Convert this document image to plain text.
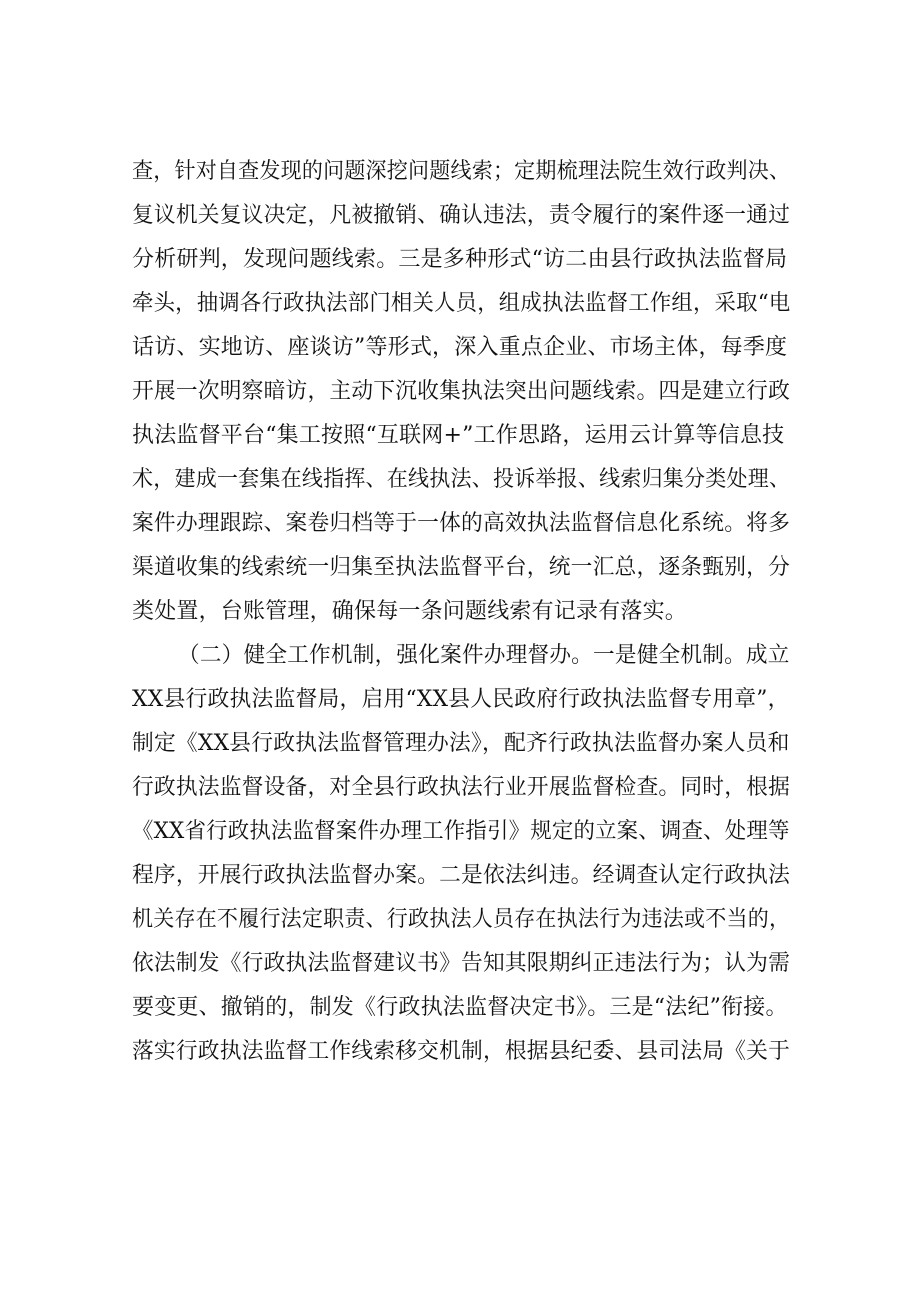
查，针对自查发现的问题深挖问题线索；定期梳理法院生效行政判决、
复议机关复议决定，凡被撤销、确认违法，责令履行的案件逐一通过
分析研判，发现问题线索。三是多种形式“访二由县行政执法监督局
牵头，抽调各行政执法部门相关人员，组成执法监督工作组，采取“电
话访、实地访、座谈访”等形式，深入重点企业、市场主体，每季度
开展一次明察暗访，主动下沉收集执法突出问题线索。四是建立行政
执法监督平台“集工按照“互联网+”工作思路，运用云计算等信息技
术，建成一套集在线指挥、在线执法、投诉举报、线索归集分类处理、
案件办理跟踪、案卷归档等于一体的高效执法监督信息化系统。将多
渠道收集的线索统一归集至执法监督平台，统一汇总，逐条甄别，分
类处置，台账管理，确保每一条问题线索有记录有落实。
（二）健全工作机制，强化案件办理督办。一是健全机制。成立
XX县行政执法监督局，启用“XX县人民政府行政执法监督专用章”，
制定《XX县行政执法监督管理办法》，配齐行政执法监督办案人员和
行政执法监督设备，对全县行政执法行业开展监督检查。同时，根据
《XX省行政执法监督案件办理工作指引》规定的立案、调查、处理等
程序，开展行政执法监督办案。二是依法纠违。经调查认定行政执法
机关存在不履行法定职责、行政执法人员存在执法行为违法或不当的，
依法制发《行政执法监督建议书》告知其限期纠正违法行为；认为需
要变更、撤销的，制发《行政执法监督决定书》。三是“法纪”衔接。
落实行政执法监督工作线索移交机制，根据县纪委、县司法局《关于
